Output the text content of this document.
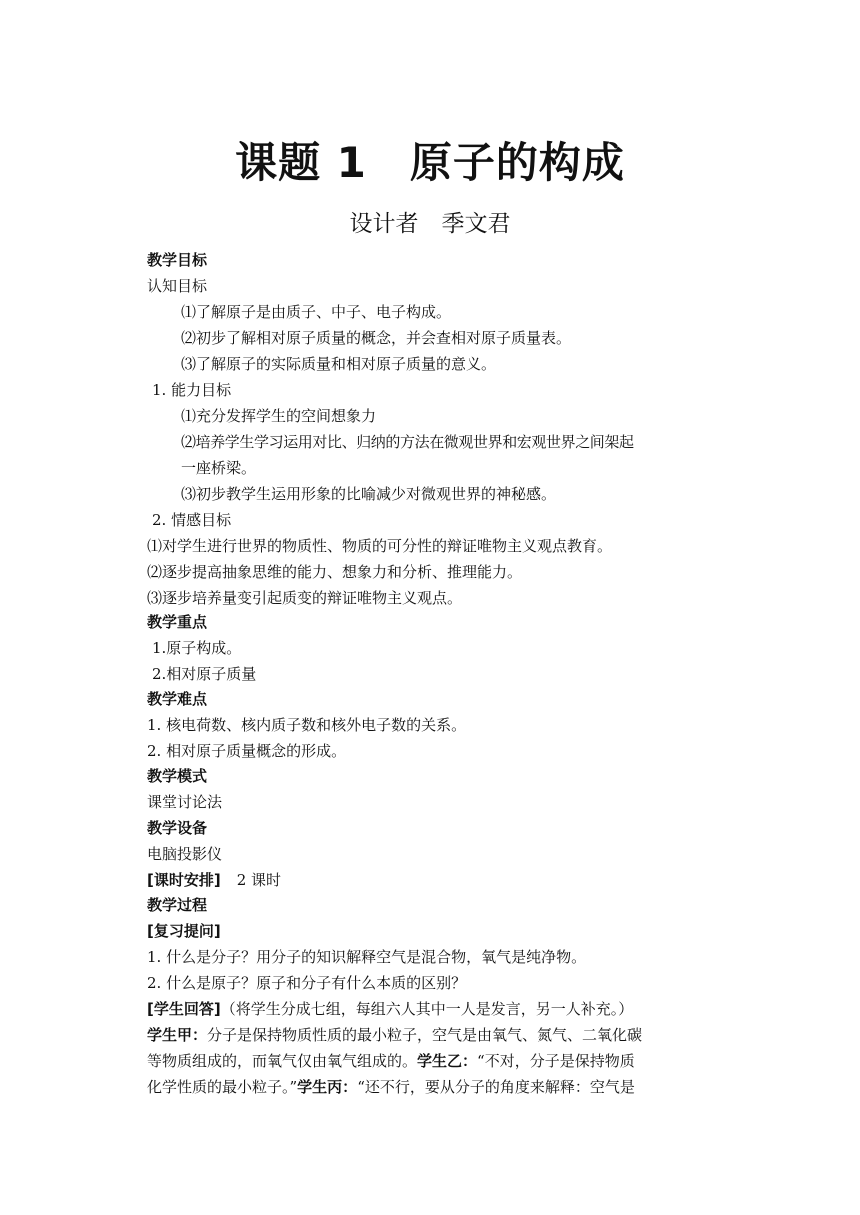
课题 1　原子的构成
设计者　季文君
教学目标
认知目标
⑴了解原子是由质子、中子、电子构成。
⑵初步了解相对原子质量的概念，并会查相对原子质量表。
⑶了解原子的实际质量和相对原子质量的意义。
1. 能力目标
⑴充分发挥学生的空间想象力
⑵培养学生学习运用对比、归纳的方法在微观世界和宏观世界之间架起
一座桥梁。
⑶初步教学生运用形象的比喻减少对微观世界的神秘感。
2. 情感目标
⑴对学生进行世界的物质性、物质的可分性的辩证唯物主义观点教育。
⑵逐步提高抽象思维的能力、想象力和分析、推理能力。
⑶逐步培养量变引起质变的辩证唯物主义观点。
教学重点
1.原子构成。
2.相对原子质量
教学难点
1. 核电荷数、核内质子数和核外电子数的关系。
2. 相对原子质量概念的形成。
教学模式
课堂讨论法
教学设备
电脑投影仪
[课时安排] 2 课时
教学过程
[复习提问]
1. 什么是分子？用分子的知识解释空气是混合物，氧气是纯净物。
2. 什么是原子？原子和分子有什么本质的区别？
[学生回答]（将学生分成七组，每组六人其中一人是发言，另一人补充。）
学生甲：分子是保持物质性质的最小粒子，空气是由氧气、氮气、二氧化碳
等物质组成的，而氧气仅由氧气组成的。学生乙：“不对，分子是保持物质
化学性质的最小粒子。”学生丙：“还不行，要从分子的角度来解释：空气是
